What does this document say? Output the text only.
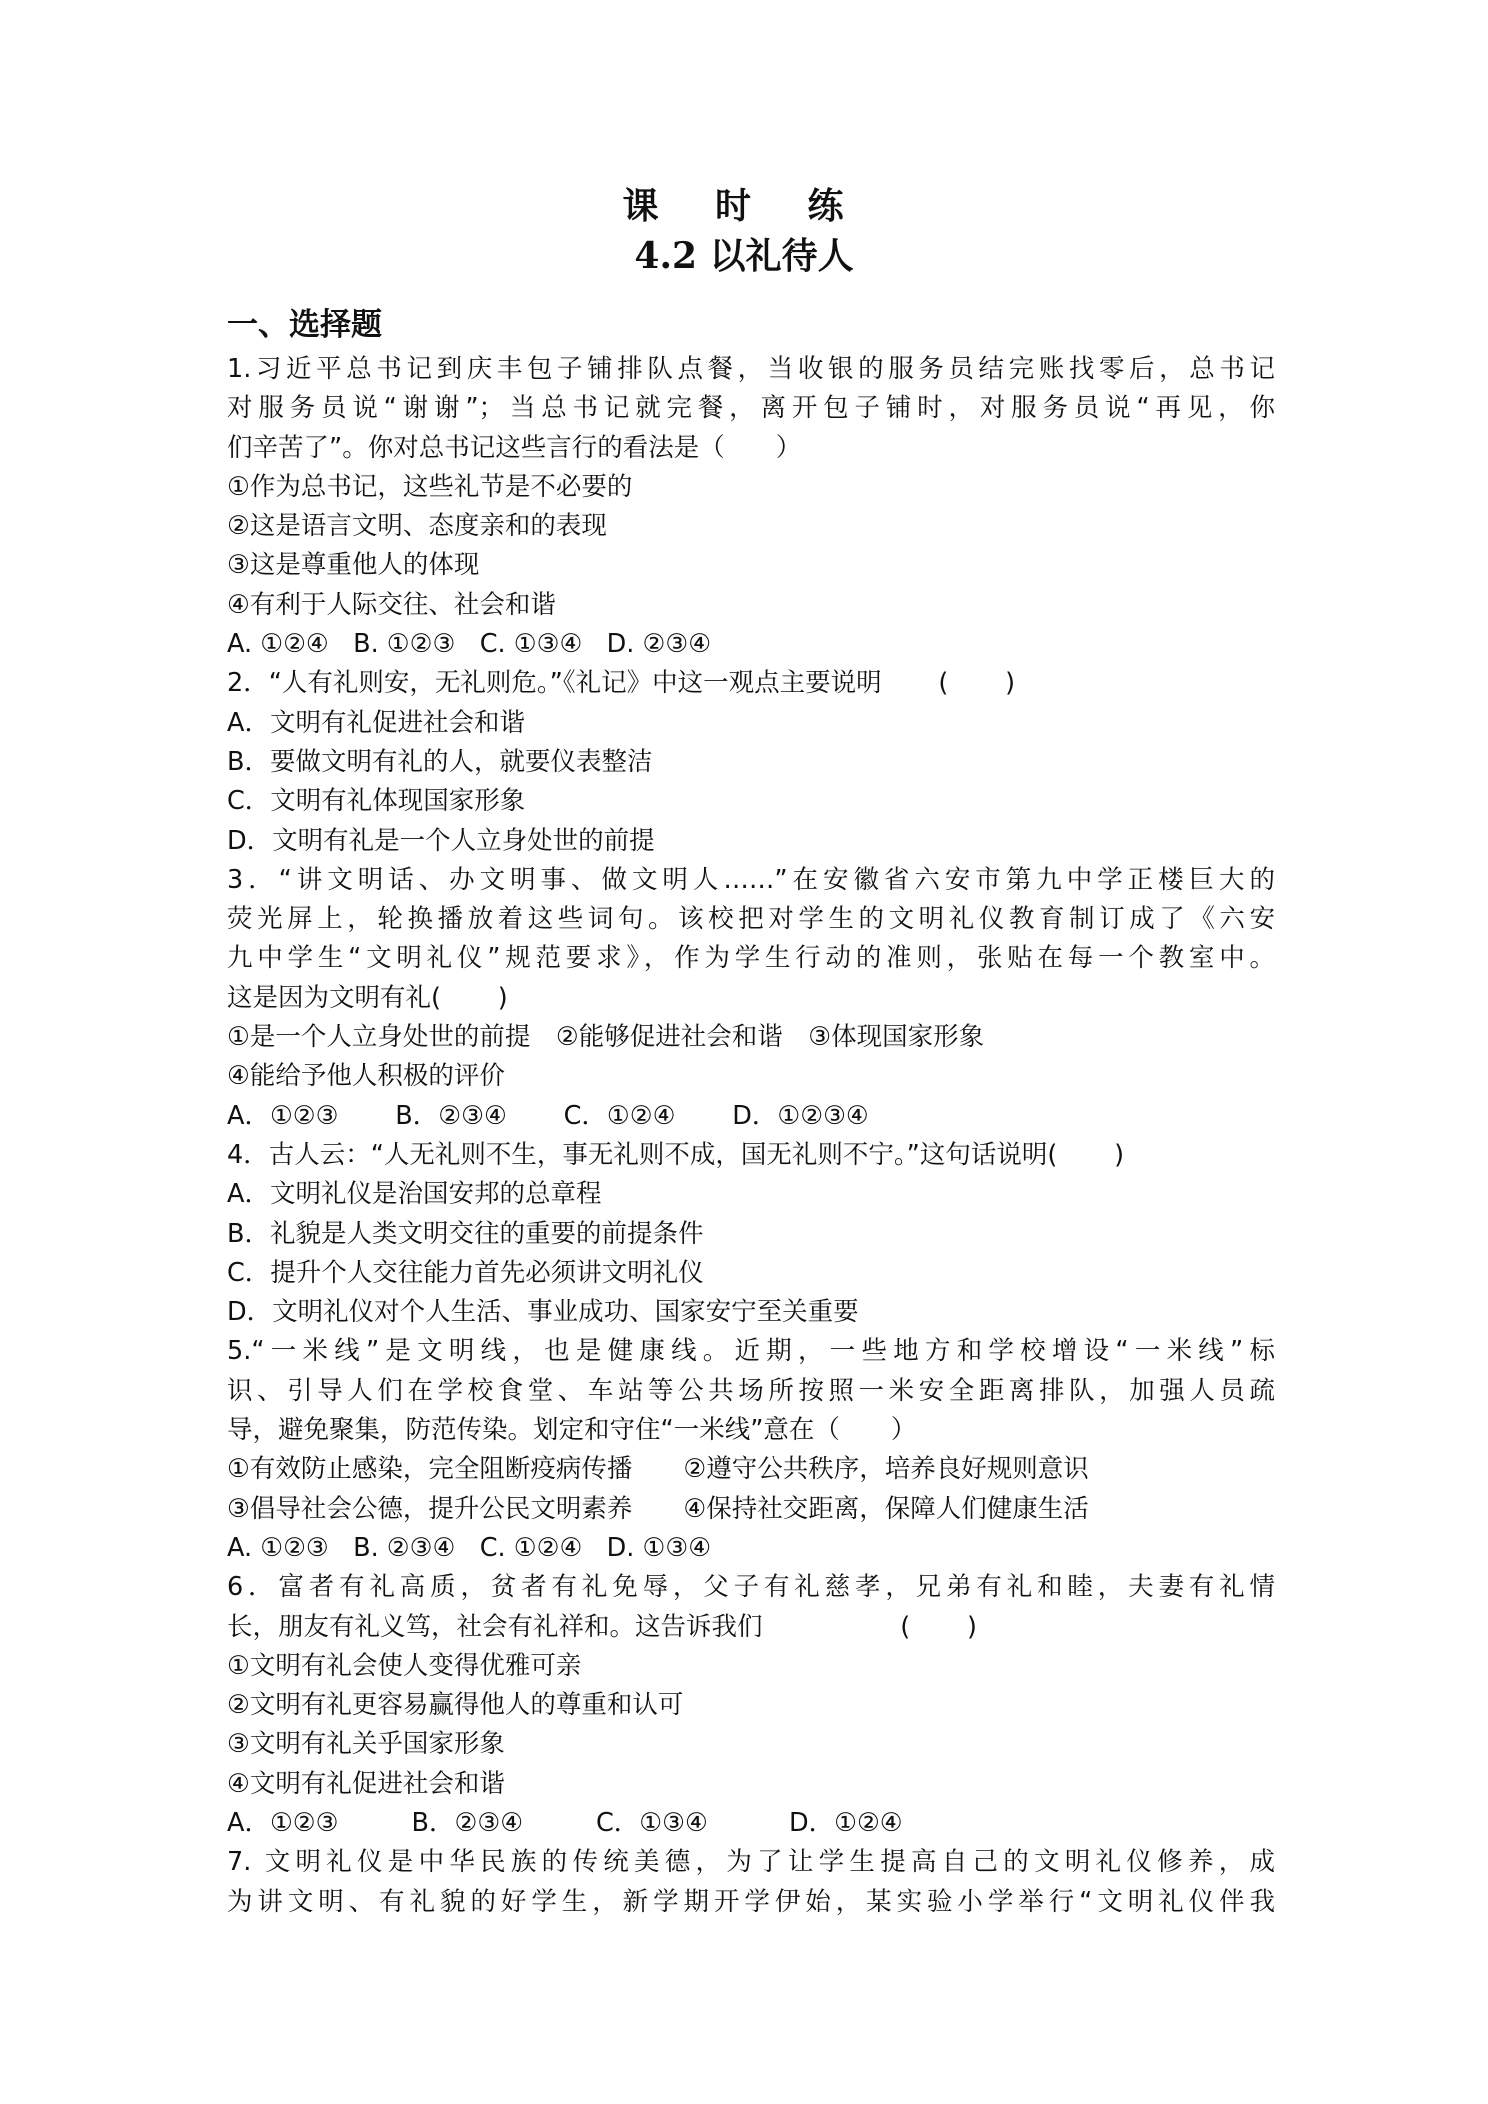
课 时 练
4.2 以礼待人
一、选择题
1.习近平总书记到庆丰包子铺排队点餐，当收银的服务员结完账找零后，总书记
对服务员说“谢谢”；当总书记就完餐，离开包子铺时，对服务员说“再见，你
们辛苦了”。你对总书记这些言行的看法是（　　）
①作为总书记，这些礼节是不必要的
②这是语言文明、态度亲和的表现
③这是尊重他人的体现
④有利于人际交往、社会和谐
A. ①②④   B. ①②③   C. ①③④   D. ②③④
2．“人有礼则安，无礼则危。”《礼记》中这一观点主要说明       (       )
A．文明有礼促进社会和谐
B．要做文明有礼的人，就要仪表整洁
C．文明有礼体现国家形象
D．文明有礼是一个人立身处世的前提
3．“讲文明话、办文明事、做文明人……”在安徽省六安市第九中学正楼巨大的
荧光屏上，轮换播放着这些词句。该校把对学生的文明礼仪教育制订成了《六安
九中学生“文明礼仪”规范要求》，作为学生行动的准则，张贴在每一个教室中。
这是因为文明有礼(       )
①是一个人立身处世的前提　②能够促进社会和谐　③体现国家形象
④能给予他人积极的评价
A．①②③       B．②③④       C．①②④       D．①②③④
4．古人云：“人无礼则不生，事无礼则不成，国无礼则不宁。”这句话说明(       )
A．文明礼仪是治国安邦的总章程
B．礼貌是人类文明交往的重要的前提条件
C．提升个人交往能力首先必须讲文明礼仪
D．文明礼仪对个人生活、事业成功、国家安宁至关重要
5.“一米线”是文明线，也是健康线。近期，一些地方和学校增设“一米线”标
识、引导人们在学校食堂、车站等公共场所按照一米安全距离排队，加强人员疏
导，避免聚集，防范传染。划定和守住“一米线”意在（　　）
①有效防止感染，完全阻断疫病传播　　②遵守公共秩序，培养良好规则意识
③倡导社会公德，提升公民文明素养　　④保持社交距离，保障人们健康生活
A. ①②③   B. ②③④   C. ①②④   D. ①③④
6．富者有礼高质，贫者有礼免辱，父子有礼慈孝，兄弟有礼和睦，夫妻有礼情
长，朋友有礼义笃，社会有礼祥和。这告诉我们                 (       )
①文明有礼会使人变得优雅可亲
②文明有礼更容易赢得他人的尊重和认可
③文明有礼关乎国家形象
④文明有礼促进社会和谐
A．①②③         B．②③④         C．①③④          D．①②④
7. 文明礼仪是中华民族的传统美德，为了让学生提高自己的文明礼仪修养，成
为讲文明、有礼貌的好学生，新学期开学伊始，某实验小学举行“文明礼仪伴我
